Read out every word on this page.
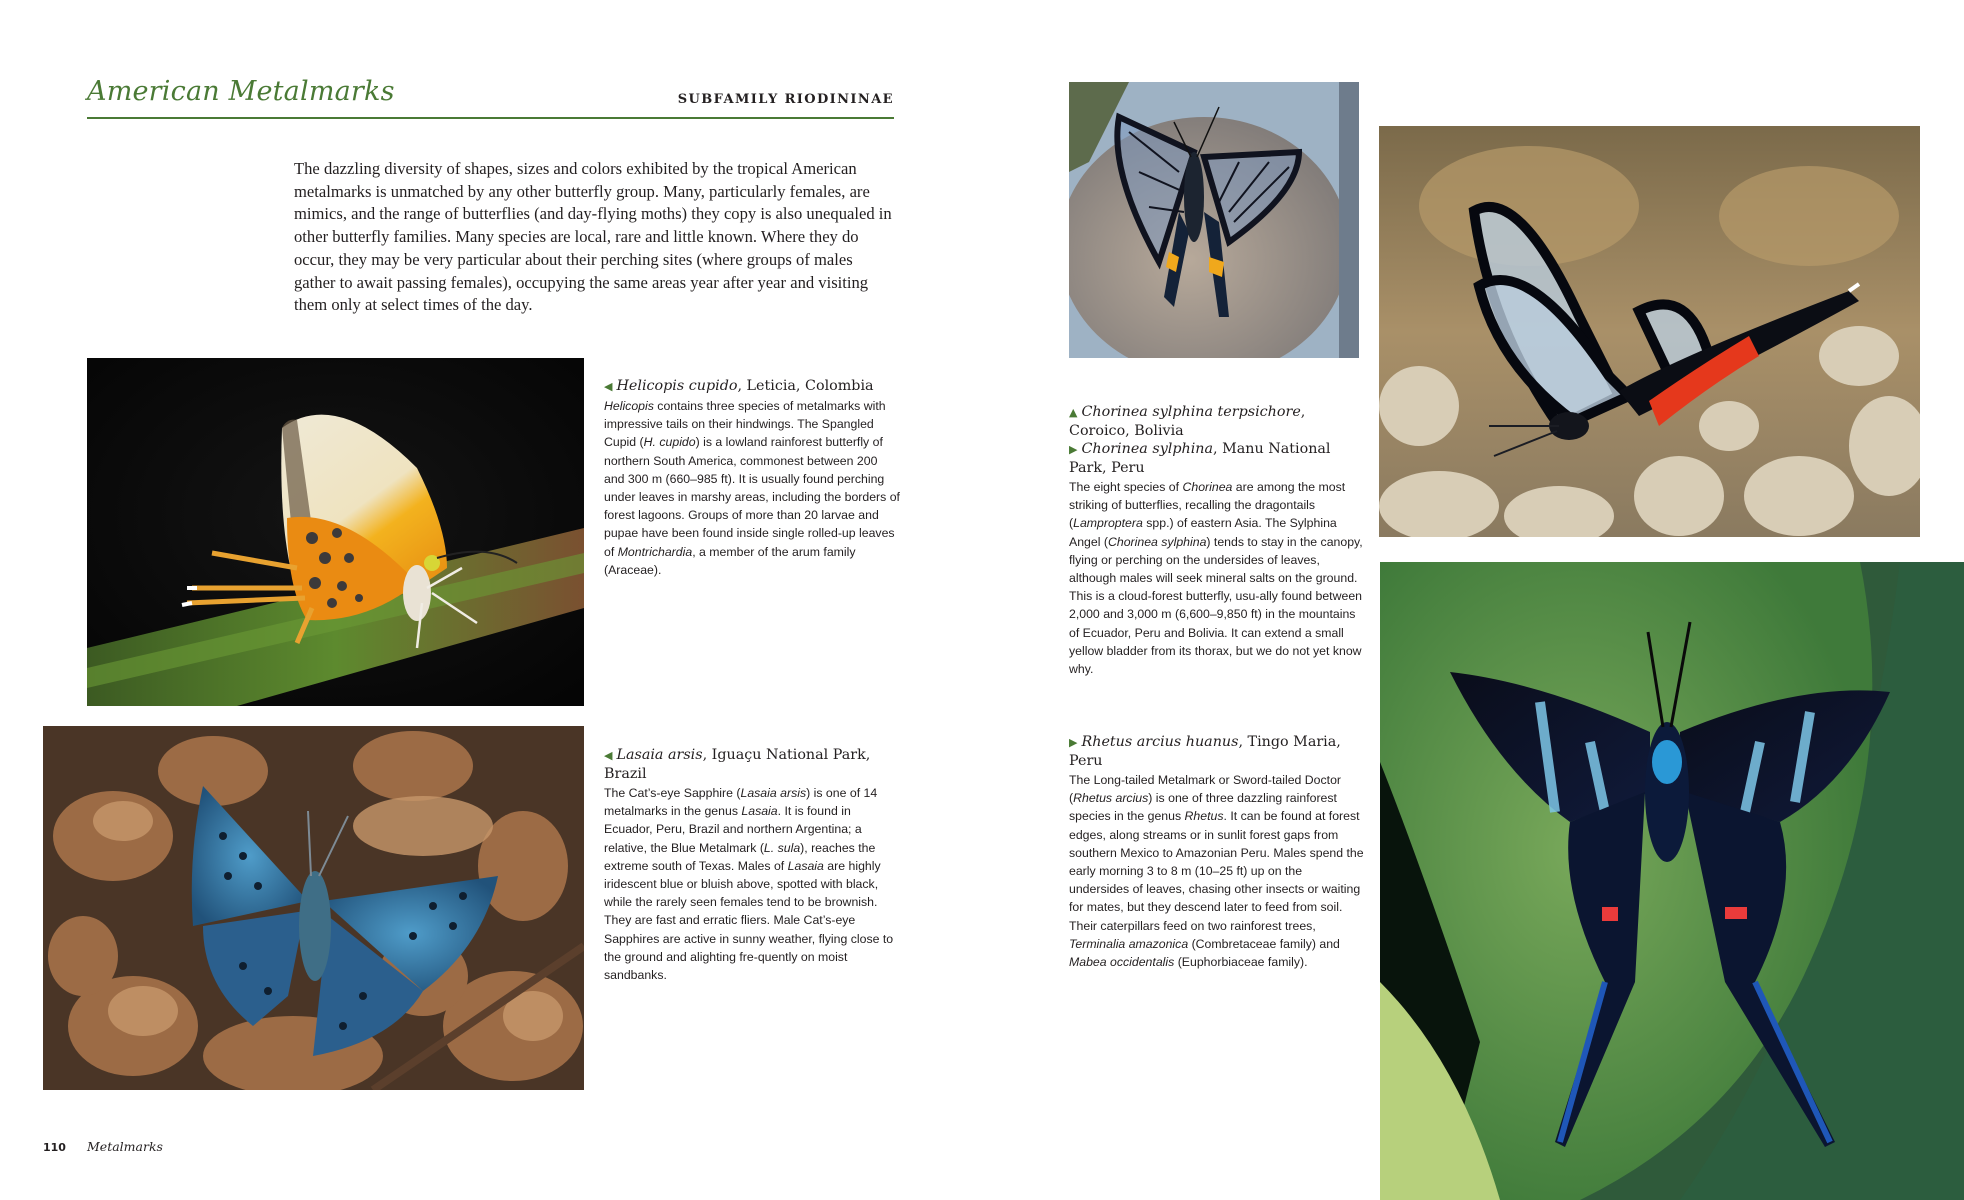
American Metalmarks	SUBFAMILY RIODININAE
The dazzling diversity of shapes, sizes and colors exhibited by the tropical American metalmarks is unmatched by any other butterfly group. Many, particularly females, are mimics, and the range of butterflies (and day-flying moths) they copy is also unequaled in other butterfly families. Many species are local, rare and little known. Where they do occur, they may be very particular about their perching sites (where groups of males gather to await passing females), occupying the same areas year after year and visiting them only at select times of the day.
◀ Helicopis cupido, Leticia, Colombia
Helicopis contains three species of metalmarks with impressive tails on their hindwings. The Spangled Cupid (H. cupido) is a lowland rainforest butterfly of northern South America, commonest between 200 and 300 m (660–985 ft). It is usually found perching under leaves in marshy areas, including the borders of forest lagoons. Groups of more than 20 larvae and pupae have been found inside single rolled-up leaves of Montrichardia, a member of the arum family (Araceae).
◀ Lasaia arsis, Iguaçu National Park, Brazil
The Cat’s-eye Sapphire (Lasaia arsis) is one of 14 metalmarks in the genus Lasaia. It is found in Ecuador, Peru, Brazil and northern Argentina; a relative, the Blue Metalmark (L. sula), reaches the extreme south of Texas. Males of Lasaia are highly iridescent blue or bluish above, spotted with black, while the rarely seen females tend to be brownish. They are fast and erratic fliers. Male Cat’s-eye Sapphires are active in sunny weather, flying close to the ground and alighting fre-quently on moist sandbanks.
▲ Chorinea sylphina terpsichore, Coroico, Bolivia
▶ Chorinea sylphina, Manu National Park, Peru
The eight species of Chorinea are among the most striking of butterflies, recalling the dragontails (Lamproptera spp.) of eastern Asia. The Sylphina Angel (Chorinea sylphina) tends to stay in the canopy, flying or perching on the undersides of leaves, although males will seek mineral salts on the ground. This is a cloud-forest butterfly, usu-ally found between 2,000 and 3,000 m (6,600–9,850 ft) in the mountains of Ecuador, Peru and Bolivia. It can extend a small yellow bladder from its thorax, but we do not yet know why.
▶ Rhetus arcius huanus, Tingo Maria, Peru
The Long-tailed Metalmark or Sword-tailed Doctor (Rhetus arcius) is one of three dazzling rainforest species in the genus Rhetus. It can be found at forest edges, along streams or in sunlit forest gaps from southern Mexico to Amazonian Peru. Males spend the early morning 3 to 8 m (10–25 ft) up on the undersides of leaves, chasing other insects or waiting for mates, but they descend later to feed from soil. Their caterpillars feed on two rainforest trees, Terminalia amazonica (Combretaceae family) and Mabea occidentalis (Euphorbiaceae family).
110 Metalmarks
